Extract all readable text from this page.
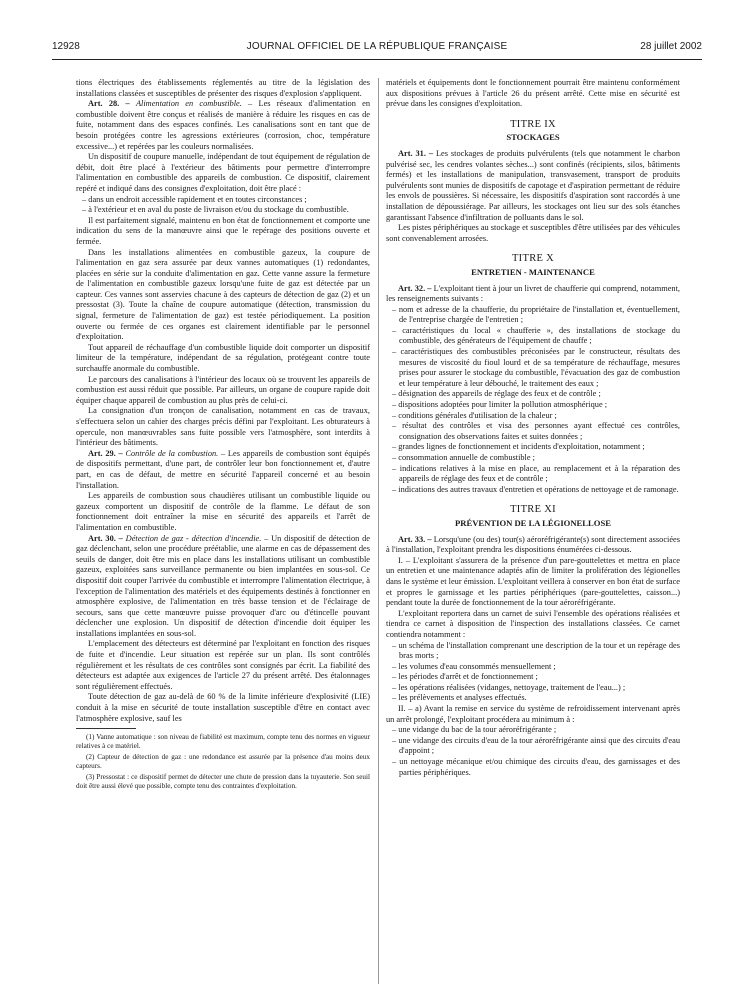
12928	JOURNAL OFFICIEL DE LA RÉPUBLIQUE FRANÇAISE	28 juillet 2002

tions électriques des établissements réglementés au titre de la législation des installations classées et susceptibles de présenter des risques d'explosion s'appliquent.

Art. 28. – Alimentation en combustible. – Les réseaux d'alimentation en combustible doivent être conçus et réalisés de manière à réduire les risques en cas de fuite, notamment dans des espaces confinés. Les canalisations sont en tant que de besoin protégées contre les agressions extérieures (corrosion, choc, température excessive...) et repérées par les couleurs normalisées.

Un dispositif de coupure manuelle, indépendant de tout équipement de régulation de débit, doit être placé à l'extérieur des bâtiments pour permettre d'interrompre l'alimentation en combustible des appareils de combustion. Ce dispositif, clairement repéré et indiqué dans des consignes d'exploitation, doit être placé :

– dans un endroit accessible rapidement et en toutes circonstances ;
– à l'extérieur et en aval du poste de livraison et/ou du stockage du combustible.

Il est parfaitement signalé, maintenu en bon état de fonctionnement et comporte une indication du sens de la manœuvre ainsi que le repérage des positions ouverte et fermée.

Dans les installations alimentées en combustible gazeux, la coupure de l'alimentation en gaz sera assurée par deux vannes automatiques (1) redondantes, placées en série sur la conduite d'alimentation en gaz. Cette vanne assure la fermeture de l'alimentation en combustible gazeux lorsqu'une fuite de gaz est détectée par un capteur. Ces vannes sont asservies chacune à des capteurs de détection de gaz (2) et un pressostat (3). Toute la chaîne de coupure automatique (détection, transmission du signal, fermeture de l'alimentation de gaz) est testée périodiquement. La position ouverte ou fermée de ces organes est clairement identifiable par le personnel d'exploitation.

Tout appareil de réchauffage d'un combustible liquide doit comporter un dispositif limiteur de la température, indépendant de sa régulation, protégeant contre toute surchauffe anormale du combustible.

Le parcours des canalisations à l'intérieur des locaux où se trouvent les appareils de combustion est aussi réduit que possible. Par ailleurs, un organe de coupure rapide doit équiper chaque appareil de combustion au plus près de celui-ci.

La consignation d'un tronçon de canalisation, notamment en cas de travaux, s'effectuera selon un cahier des charges précis défini par l'exploitant. Les obturateurs à opercule, non manœuvrables sans fuite possible vers l'atmosphère, sont interdits à l'intérieur des bâtiments.

Art. 29. – Contrôle de la combustion. – Les appareils de combustion sont équipés de dispositifs permettant, d'une part, de contrôler leur bon fonctionnement et, d'autre part, en cas de défaut, de mettre en sécurité l'appareil concerné et au besoin l'installation.

Les appareils de combustion sous chaudières utilisant un combustible liquide ou gazeux comportent un dispositif de contrôle de la flamme. Le défaut de son fonctionnement doit entraîner la mise en sécurité des appareils et l'arrêt de l'alimentation en combustible.

Art. 30. – Détection de gaz - détection d'incendie. – Un dispositif de détection de gaz déclenchant, selon une procédure préétablie, une alarme en cas de dépassement des seuils de danger, doit être mis en place dans les installations utilisant un combustible gazeux, exploitées sans surveillance permanente ou bien implantées en sous-sol. Ce dispositif doit couper l'arrivée du combustible et interrompre l'alimentation électrique, à l'exception de l'alimentation des matériels et des équipements destinés à fonctionner en atmosphère explosive, de l'alimentation en très basse tension et de l'éclairage de secours, sans que cette manœuvre puisse provoquer d'arc ou d'étincelle pouvant déclencher une explosion. Un dispositif de détection d'incendie doit équiper les installations implantées en sous-sol.

L'emplacement des détecteurs est déterminé par l'exploitant en fonction des risques de fuite et d'incendie. Leur situation est repérée sur un plan. Ils sont contrôlés régulièrement et les résultats de ces contrôles sont consignés par écrit. La fiabilité des détecteurs est adaptée aux exigences de l'article 27 du présent arrêté. Des étalonnages sont régulièrement effectués.

Toute détection de gaz au-delà de 60 % de la limite inférieure d'explosivité (LIE) conduit à la mise en sécurité de toute installation susceptible d'être en contact avec l'atmosphère explosive, sauf les

(1) Vanne automatique : son niveau de fiabilité est maximum, compte tenu des normes en vigueur relatives à ce matériel.

(2) Capteur de détection de gaz : une redondance est assurée par la présence d'au moins deux capteurs.

(3) Pressostat : ce dispositif permet de détecter une chute de pression dans la tuyauterie. Son seuil doit être aussi élevé que possible, compte tenu des contraintes d'exploitation.

matériels et équipements dont le fonctionnement pourrait être maintenu conformément aux dispositions prévues à l'article 26 du présent arrêté. Cette mise en sécurité est prévue dans les consignes d'exploitation.

TITRE IX
STOCKAGES

Art. 31. – Les stockages de produits pulvérulents (tels que notamment le charbon pulvérisé sec, les cendres volantes sèches...) sont confinés (récipients, silos, bâtiments fermés) et les installations de manipulation, transvasement, transport de produits pulvérulents sont munies de dispositifs de capotage et d'aspiration permettant de réduire les envols de poussières. Si nécessaire, les dispositifs d'aspiration sont raccordés à une installation de dépoussiérage. Par ailleurs, les stockages ont lieu sur des sols étanches garantissant l'absence d'infiltration de polluants dans le sol.

Les pistes périphériques au stockage et susceptibles d'être utilisées par des véhicules sont convenablement arrosées.

TITRE X
ENTRETIEN - MAINTENANCE

Art. 32. – L'exploitant tient à jour un livret de chaufferie qui comprend, notamment, les renseignements suivants :

– nom et adresse de la chaufferie, du propriétaire de l'installation et, éventuellement, de l'entreprise chargée de l'entretien ;
– caractéristiques du local « chaufferie », des installations de stockage du combustible, des générateurs de l'équipement de chauffe ;
– caractéristiques des combustibles préconisées par le constructeur, résultats des mesures de viscosité du fioul lourd et de sa température de réchauffage, mesures prises pour assurer le stockage du combustible, l'évacuation des gaz de combustion et leur température à leur débouché, le traitement des eaux ;
– désignation des appareils de réglage des feux et de contrôle ;
– dispositions adoptées pour limiter la pollution atmosphérique ;
– conditions générales d'utilisation de la chaleur ;
– résultat des contrôles et visa des personnes ayant effectué ces contrôles, consignation des observations faites et suites données ;
– grandes lignes de fonctionnement et incidents d'exploitation, notamment ;
– consommation annuelle de combustible ;
– indications relatives à la mise en place, au remplacement et à la réparation des appareils de réglage des feux et de contrôle ;
– indications des autres travaux d'entretien et opérations de nettoyage et de ramonage.
TITRE XI
PRÉVENTION DE LA LÉGIONELLOSE

Art. 33. – Lorsqu'une (ou des) tour(s) aéroréfrigérante(s) sont directement associées à l'installation, l'exploitant prendra les dispositions énumérées ci-dessous.

I. – L'exploitant s'assurera de la présence d'un pare-gouttelettes et mettra en place un entretien et une maintenance adaptés afin de limiter la prolifération des légionelles dans le système et leur émission. L'exploitant veillera à conserver en bon état de surface et propres le garnissage et les parties périphériques (pare-gouttelettes, caisson...) pendant toute la durée de fonctionnement de la tour aéroréfrigérante.

L'exploitant reportera dans un carnet de suivi l'ensemble des opérations réalisées et tiendra ce carnet à disposition de l'inspection des installations classées. Ce carnet contiendra notamment :

– un schéma de l'installation comprenant une description de la tour et un repérage des bras morts ;
– les volumes d'eau consommés mensuellement ;
– les périodes d'arrêt et de fonctionnement ;
– les opérations réalisées (vidanges, nettoyage, traitement de l'eau...) ;
– les prélèvements et analyses effectués.

II. – a) Avant la remise en service du système de refroidissement intervenant après un arrêt prolongé, l'exploitant procédera au minimum à :

– une vidange du bac de la tour aéroréfrigérante ;
– une vidange des circuits d'eau de la tour aéroréfrigérante ainsi que des circuits d'eau d'appoint ;
– un nettoyage mécanique et/ou chimique des circuits d'eau, des garnissages et des parties périphériques.
